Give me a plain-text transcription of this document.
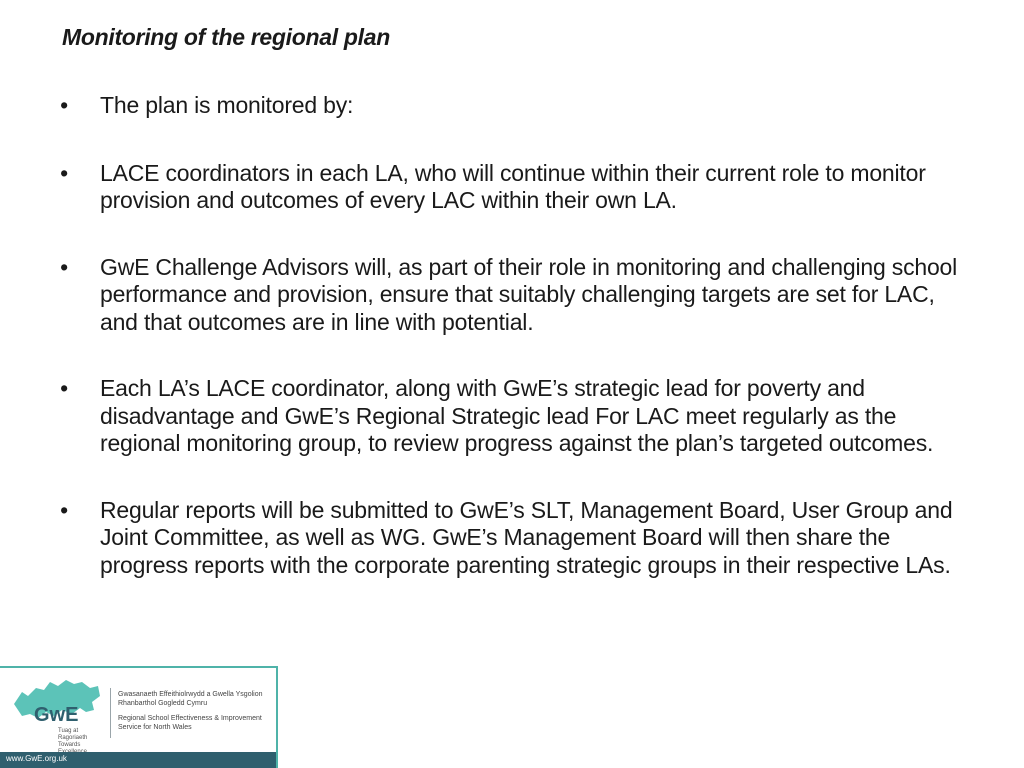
Monitoring of the regional plan
• The plan is monitored by:
• LACE coordinators in each LA, who will continue within their current role to monitor provision and outcomes of every LAC within their own LA.
• GwE Challenge Advisors will, as part of their role in monitoring and challenging school performance and provision, ensure that suitably challenging targets are set for LAC, and that outcomes are in line with potential.
• Each LA’s LACE coordinator, along with GwE’s strategic lead for poverty and disadvantage and GwE’s Regional Strategic lead For LAC meet regularly as the regional monitoring group, to review progress against the plan’s targeted outcomes.
• Regular reports will be submitted to GwE’s SLT, Management Board, User Group and Joint Committee, as well as WG. GwE’s Management Board will then share the progress reports with the corporate parenting strategic groups in their respective LAs.
GwE
Tuag at Ragoriaeth Towards
Gwasanaeth Effeithiolrwydd a Gwella Ysgolion Rhanbarthol Gogledd Cymru
Regional School Effectiveness & Improvement Service for North Wales
www.GwE.org.uk
